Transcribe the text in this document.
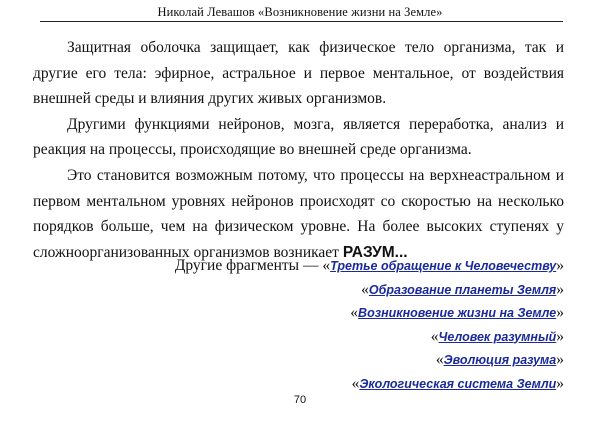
Николай Левашов «Возникновение жизни на Земле»

Защитная оболочка защищает, как физическое тело организма, так и другие его тела: эфирное, астральное и первое ментальное, от воздействия внешней среды и влияния других живых организмов.

Другими функциями нейронов, мозга, является переработка, анализ и реакция на процессы, происходящие во внешней среде организма.

Это становится возможным потому, что процессы на верхнеастральном и первом ментальном уровнях нейронов происходят со скоростью на несколько порядков больше, чем на физическом уровне. На более высоких ступенях у сложноорганизованных организмов возникает РАЗУМ...

Другие фрагменты — «Третье обращение к Человечеству»
«Образование планеты Земля»
«Возникновение жизни на Земле»
«Человек разумный»
«Эволюция разума»
«Экологическая система Земли»
70
